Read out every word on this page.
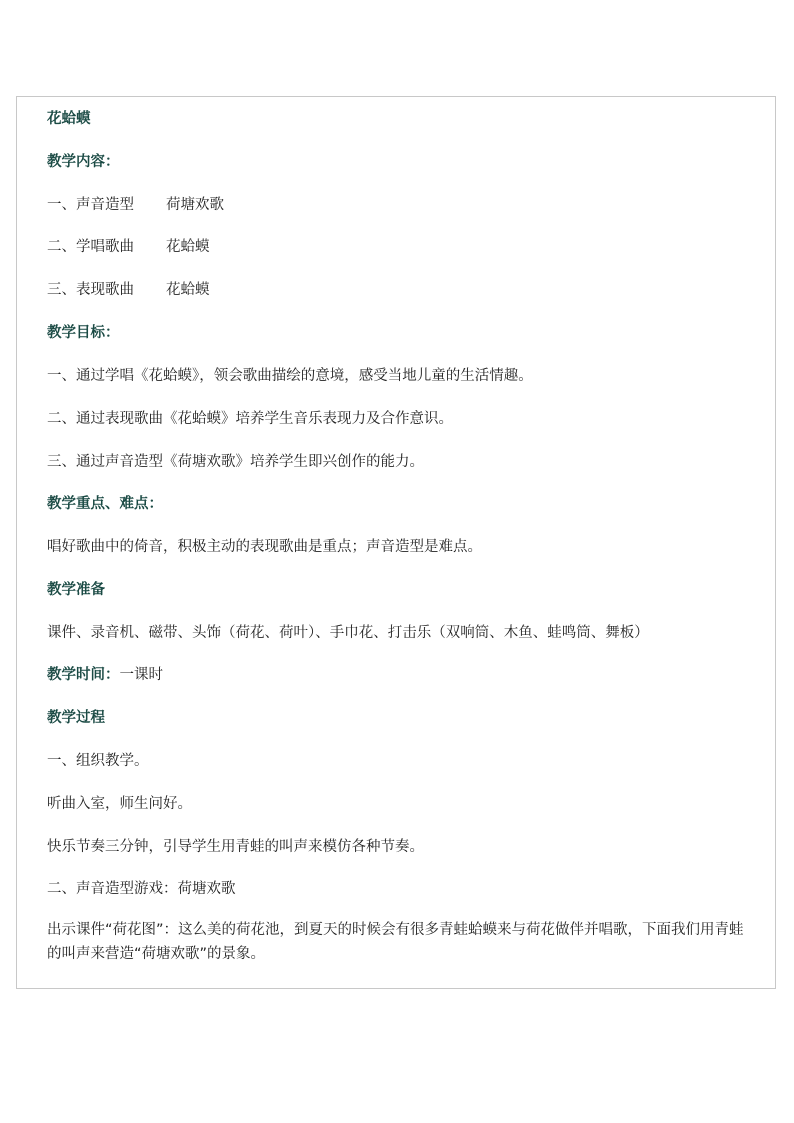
花蛤蟆
教学内容：
一、声音造型 荷塘欢歌
二、学唱歌曲 花蛤蟆
三、表现歌曲 花蛤蟆
教学目标：
一、通过学唱《花蛤蟆》，领会歌曲描绘的意境，感受当地儿童的生活情趣。
二、通过表现歌曲《花蛤蟆》培养学生音乐表现力及合作意识。
三、通过声音造型《荷塘欢歌》培养学生即兴创作的能力。
教学重点、难点：
唱好歌曲中的倚音，积极主动的表现歌曲是重点；声音造型是难点。
教学准备
课件、录音机、磁带、头饰（荷花、荷叶）、手巾花、打击乐（双响筒、木鱼、蛙鸣筒、舞板）
教学时间：一课时
教学过程
一、组织教学。
听曲入室，师生问好。
快乐节奏三分钟，引导学生用青蛙的叫声来模仿各种节奏。
二、声音造型游戏：荷塘欢歌
出示课件“荷花图”：这么美的荷花池，到夏天的时候会有很多青蛙蛤蟆来与荷花做伴并唱歌，下面我们用青蛙的叫声来营造“荷塘欢歌”的景象。
